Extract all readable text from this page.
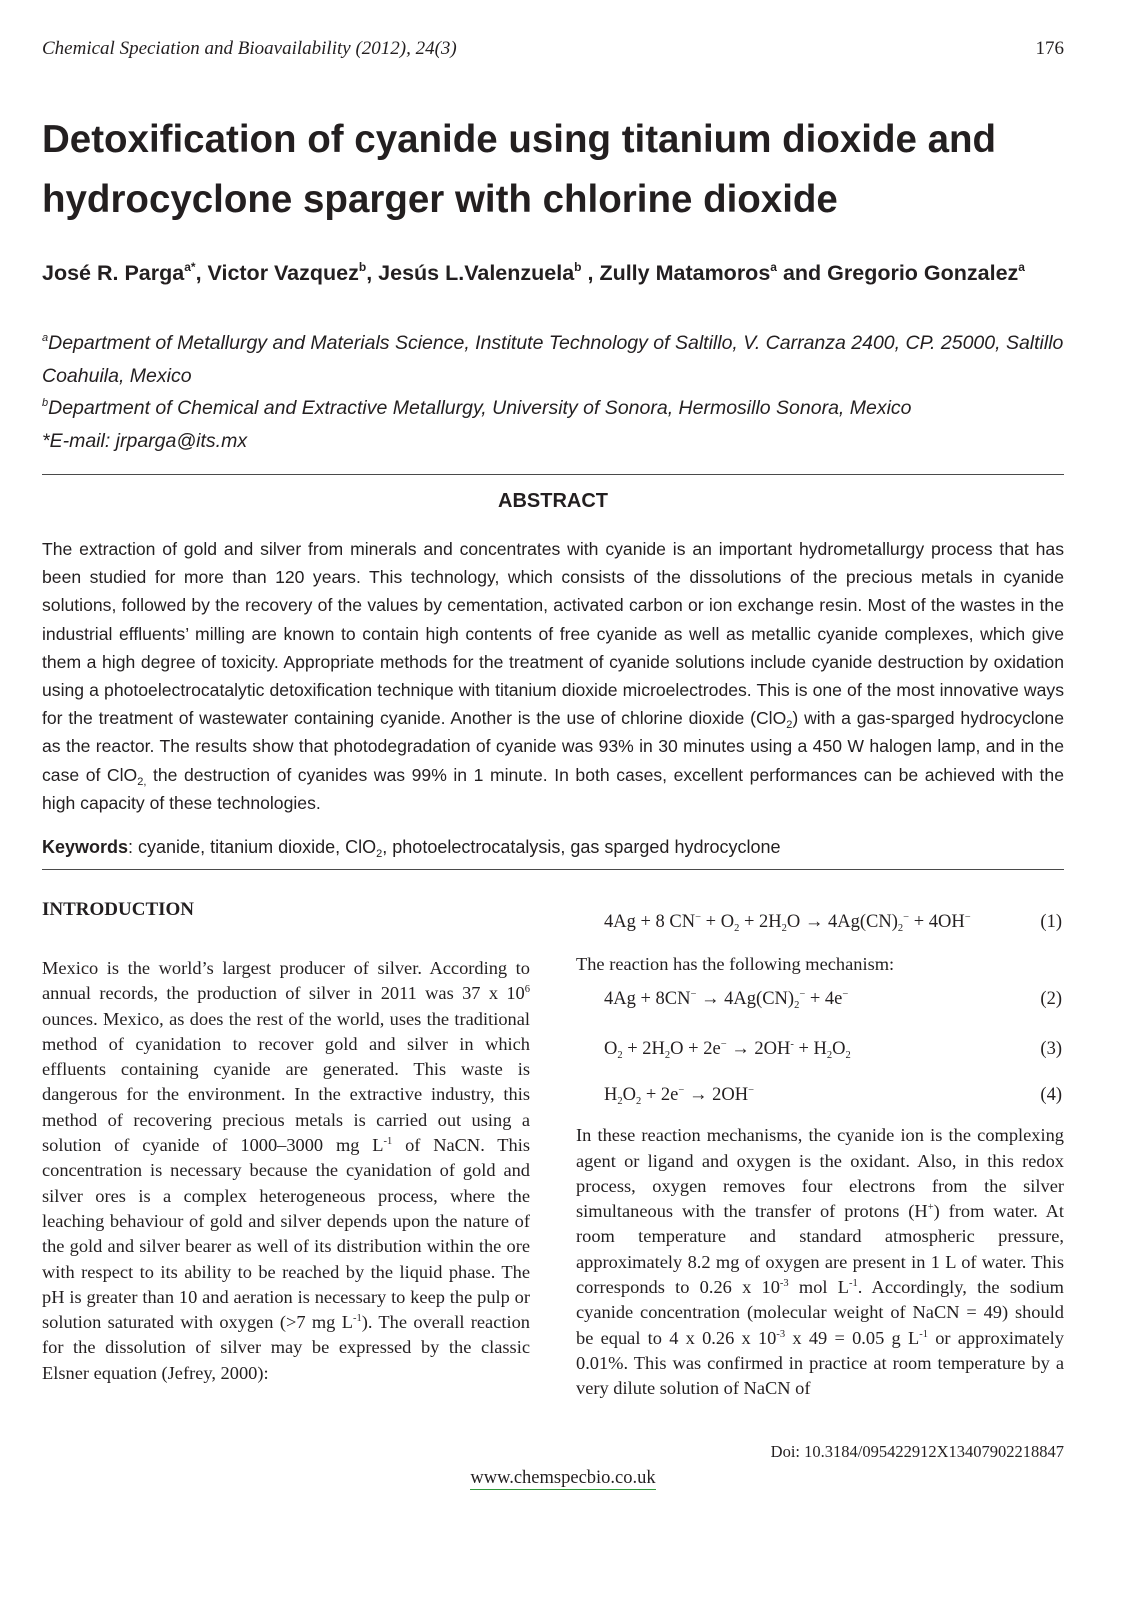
Chemical Speciation and Bioavailability (2012), 24(3)	176
Detoxification of cyanide using titanium dioxide and hydrocyclone sparger with chlorine dioxide
José R. Parga$^{a*}$, Victor Vazquez$^b$, Jesús L.Valenzuela$^b$ , Zully Matamoros$^a$ and Gregorio Gonzalez$^a$
$^a$Department of Metallurgy and Materials Science, Institute Technology of Saltillo, V. Carranza 2400, CP. 25000, Saltillo Coahuila, Mexico
$^b$Department of Chemical and Extractive Metallurgy, University of Sonora, Hermosillo Sonora, Mexico
*E-mail: jrparga@its.mx
ABSTRACT
The extraction of gold and silver from minerals and concentrates with cyanide is an important hydrometallurgy process that has been studied for more than 120 years. This technology, which consists of the dissolutions of the precious metals in cyanide solutions, followed by the recovery of the values by cementation, activated carbon or ion exchange resin. Most of the wastes in the industrial effluents’ milling are known to contain high contents of free cyanide as well as metallic cyanide complexes, which give them a high degree of toxicity. Appropriate methods for the treatment of cyanide solutions include cyanide destruction by oxidation using a photoelectrocatalytic detoxification technique with titanium dioxide microelectrodes. This is one of the most innovative ways for the treatment of wastewater containing cyanide. Another is the use of chlorine dioxide (ClO$_2$) with a gas-sparged hydrocyclone as the reactor. The results show that photodegradation of cyanide was 93% in 30 minutes using a 450 W halogen lamp, and in the case of ClO$_{2,}$ the destruction of cyanides was 99% in 1 minute. In both cases, excellent performances can be achieved with the high capacity of these technologies.
Keywords: cyanide, titanium dioxide, ClO$_2$, photoelectrocatalysis, gas sparged hydrocyclone
INTRODUCTION
Mexico is the world’s largest producer of silver. According to annual records, the production of silver in 2011 was 37 x $10^6$ ounces. Mexico, as does the rest of the world, uses the traditional method of cyanidation to recover gold and silver in which effluents containing cyanide are generated. This waste is dangerous for the environment. In the extractive industry, this method of recovering precious metals is carried out using a solution of cyanide of 1000–3000 mg $L^{-1}$ of NaCN. This concentration is necessary because the cyanidation of gold and silver ores is a complex heterogeneous process, where the leaching behaviour of gold and silver depends upon the nature of the gold and silver bearer as well of its distribution within the ore with respect to its ability to be reached by the liquid phase. The pH is greater than 10 and aeration is necessary to keep the pulp or solution saturated with oxygen (>7 mg $L^{-1}$). The overall reaction for the dissolution of silver may be expressed by the classic Elsner equation (Jefrey, 2000):
4Ag + 8 $CN^- + O_2 + 2H_2O \to 4Ag(CN)_2^- + 4OH^-$	(1)
The reaction has the following mechanism:
$4Ag + 8CN^- \to 4Ag(CN)_2^- + 4e^-$	(2)
$O_2 + 2H_2O + 2e^- \to 2OH^- + H_2O_2$	(3)
$H_2O_2 + 2e^- \to 2OH^-$	(4)
In these reaction mechanisms, the cyanide ion is the complexing agent or ligand and oxygen is the oxidant. Also, in this redox process, oxygen removes four electrons from the silver simultaneous with the transfer of protons (H+) from water. At room temperature and standard atmospheric pressure, approximately 8.2 mg of oxygen are present in 1 L of water. This corresponds to 0.26 x $10^{-3}$ mol $L^{-1}$. Accordingly, the sodium cyanide concentration (molecular weight of NaCN = 49) should be equal to 4 x 0.26 x $10^{-3}$ x 49 = 0.05 g $L^{-1}$ or approximately 0.01%. This was confirmed in practice at room temperature by a very dilute solution of NaCN of
Doi: 10.3184/095422912X13407902218847
www.chemspecbio.co.uk
